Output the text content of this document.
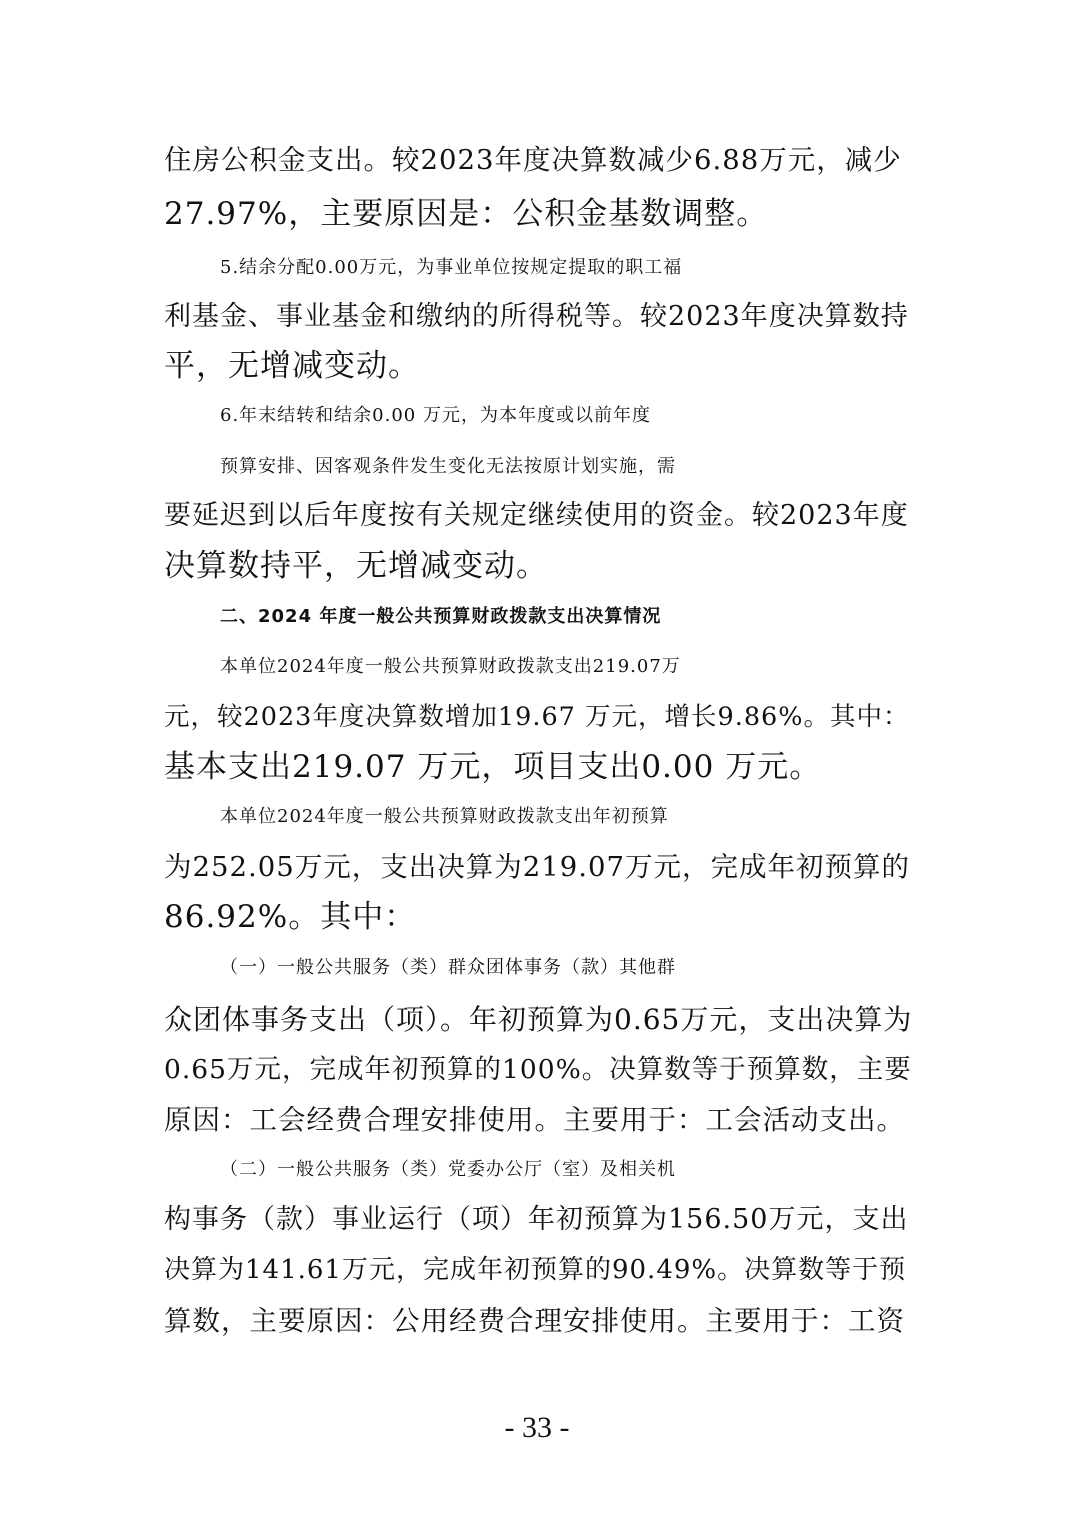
住房公积金支出。较2023年度决算数减少6.88万元，减少
27.97%，主要原因是：公积金基数调整。
5.结余分配0.00万元，为事业单位按规定提取的职工福
利基金、事业基金和缴纳的所得税等。较2023年度决算数持
平，无增减变动。
6.年末结转和结余0.00 万元，为本年度或以前年度
预算安排、因客观条件发生变化无法按原计划实施，需
要延迟到以后年度按有关规定继续使用的资金。较2023年度
决算数持平，无增减变动。
二、2024 年度一般公共预算财政拨款支出决算情况
本单位2024年度一般公共预算财政拨款支出219.07万
元，较2023年度决算数增加19.67 万元，增长9.86%。其中：
基本支出219.07 万元，项目支出0.00 万元。
本单位2024年度一般公共预算财政拨款支出年初预算
为252.05万元，支出决算为219.07万元，完成年初预算的
86.92%。其中：
（一）一般公共服务（类）群众团体事务（款）其他群
众团体事务支出（项）。年初预算为0.65万元，支出决算为
0.65万元，完成年初预算的100%。决算数等于预算数，主要
原因：工会经费合理安排使用。主要用于：工会活动支出。
（二）一般公共服务（类）党委办公厅（室）及相关机
构事务（款）事业运行（项）年初预算为156.50万元，支出
决算为141.61万元，完成年初预算的90.49%。决算数等于预
算数，主要原因：公用经费合理安排使用。主要用于：工资
- 33 -
